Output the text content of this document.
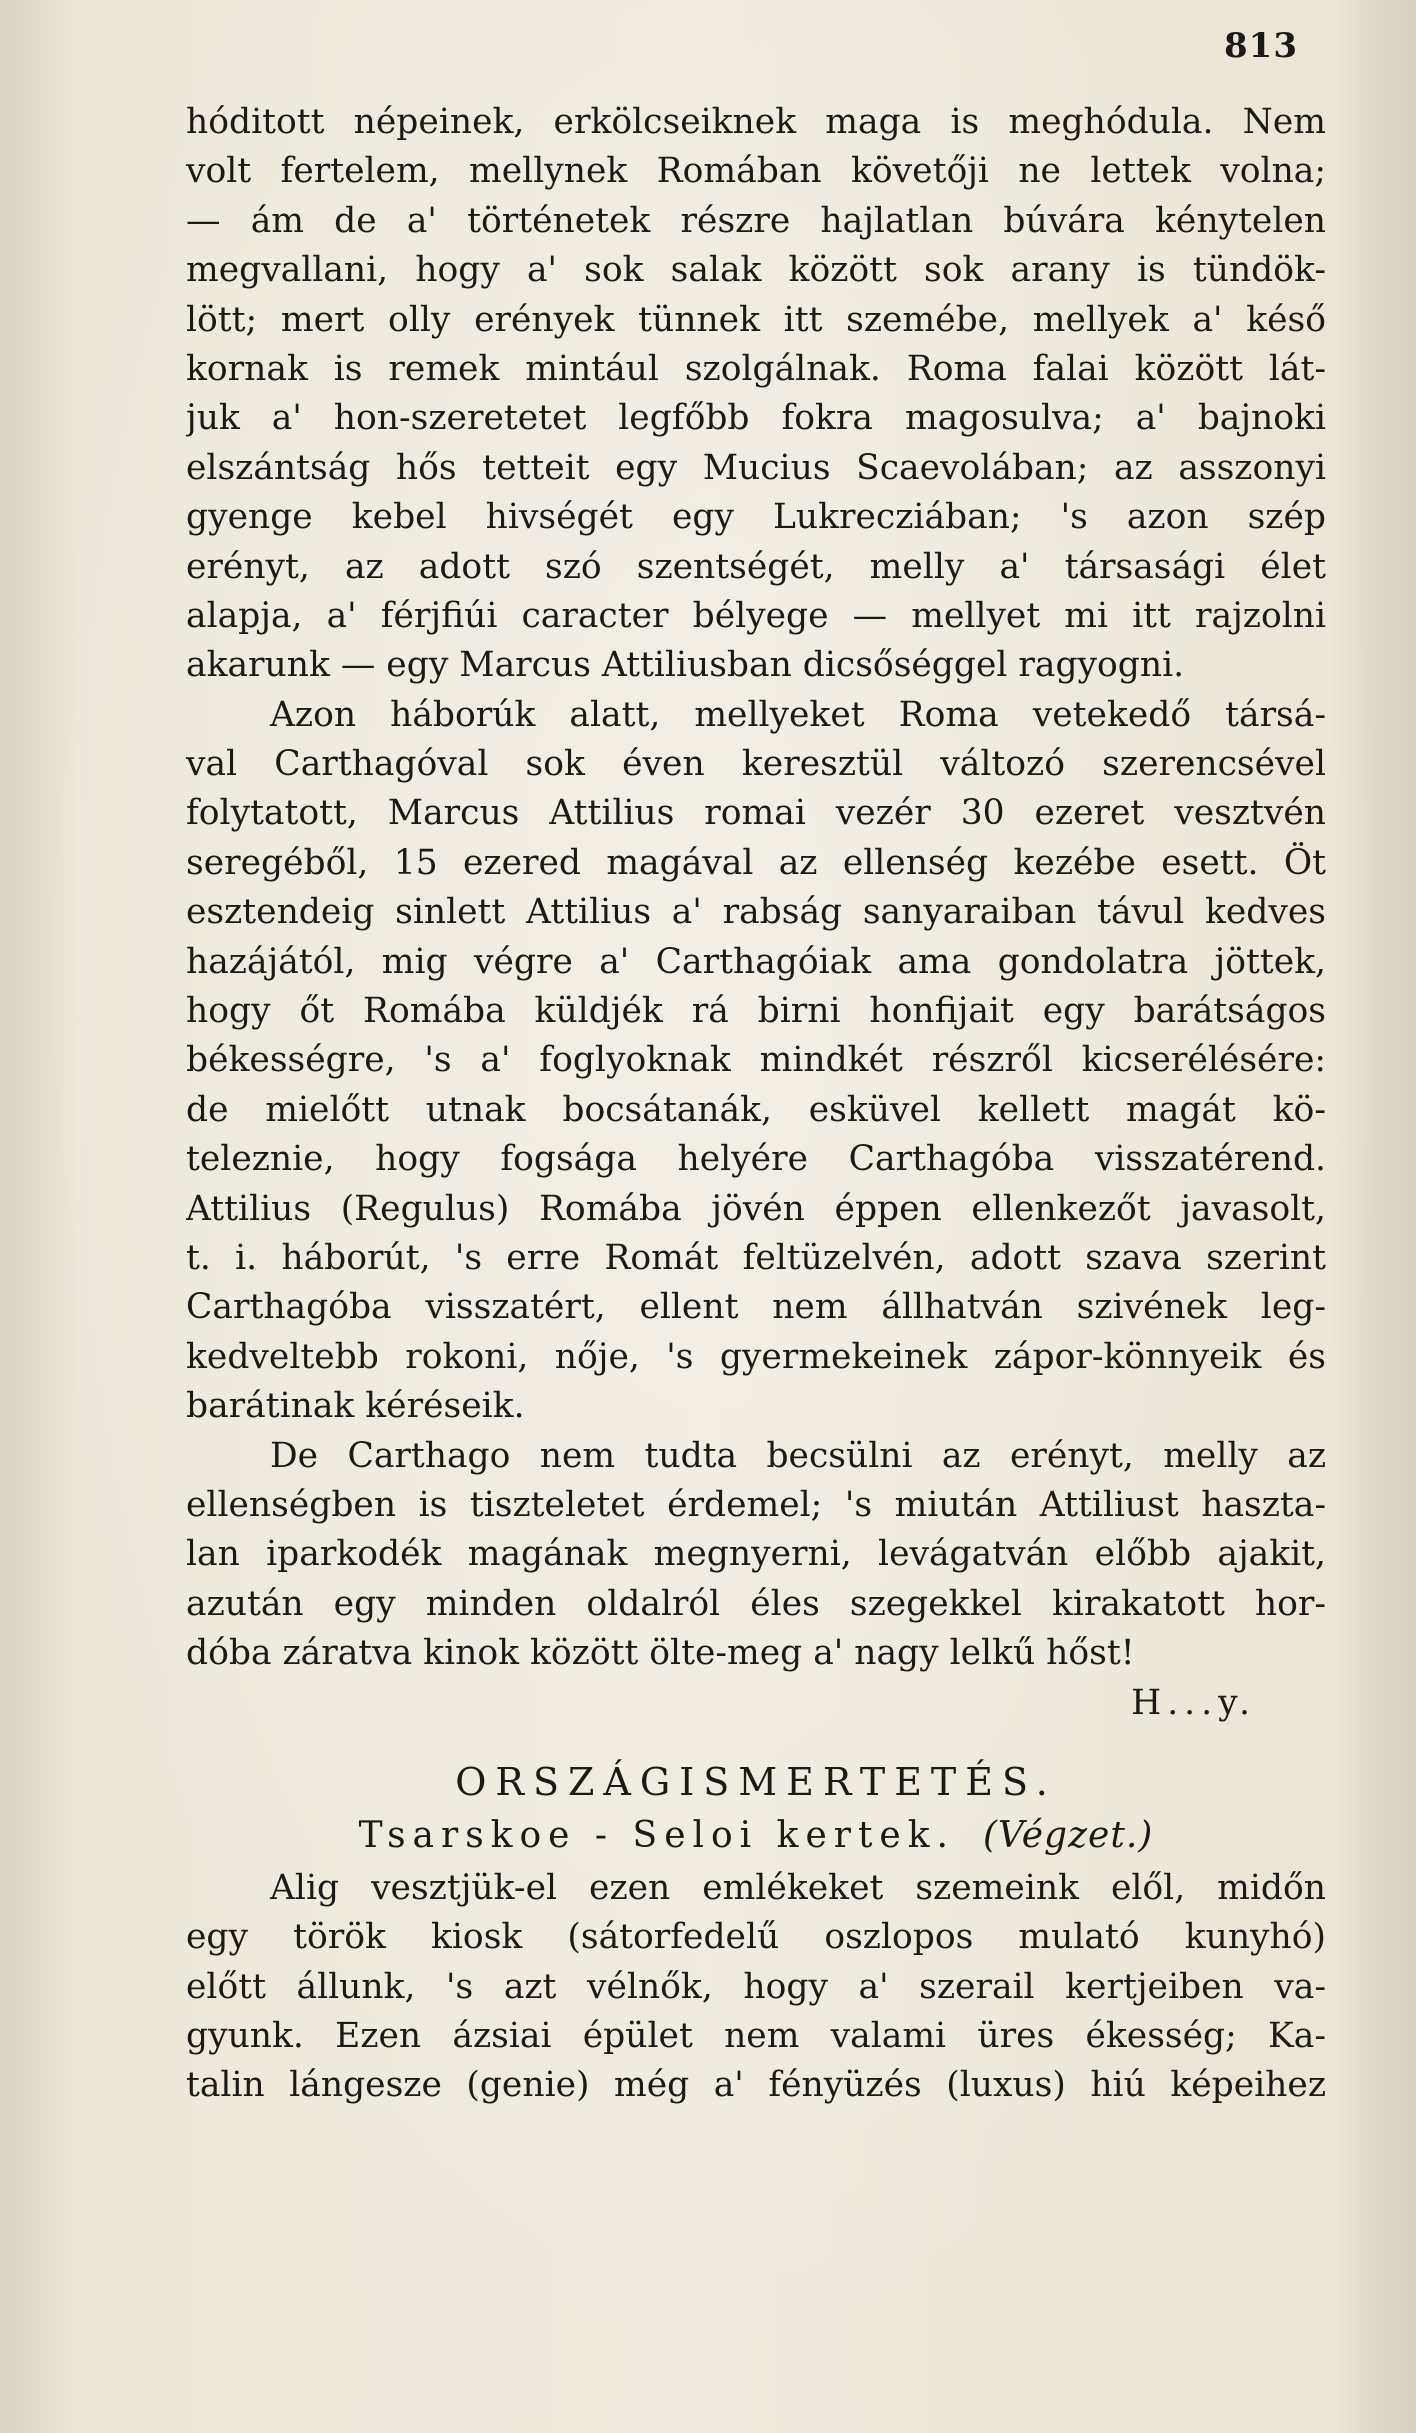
813
hóditott népeinek, erkölcseiknek maga is meghódula. Nem
volt fertelem, mellynek Romában követőji ne lettek volna;
— ám de a' történetek részre hajlatlan búvára kénytelen
megvallani, hogy a' sok salak között sok arany is tündök-
lött; mert olly erények tünnek itt szemébe, mellyek a' késő
kornak is remek mintául szolgálnak. Roma falai között lát-
juk a' hon-szeretetet legfőbb fokra magosulva; a' bajnoki
elszántság hős tetteit egy Mucius Scaevolában; az asszonyi
gyenge kebel hivségét egy Lukrecziában; 's azon szép
erényt, az adott szó szentségét, melly a' társasági élet
alapja, a' férjfiúi caracter bélyege — mellyet mi itt rajzolni
akarunk — egy Marcus Attiliusban dicsőséggel ragyogni.
Azon háborúk alatt, mellyeket Roma vetekedő társá-
val Carthagóval sok éven keresztül változó szerencsével
folytatott, Marcus Attilius romai vezér 30 ezeret vesztvén
seregéből, 15 ezered magával az ellenség kezébe esett. Öt
esztendeig sinlett Attilius a' rabság sanyaraiban távul kedves
hazájától, mig végre a' Carthagóiak ama gondolatra jöttek,
hogy őt Romába küldjék rá birni honfijait egy barátságos
békességre, 's a' foglyoknak mindkét részről kicserélésére:
de mielőtt utnak bocsátanák, esküvel kellett magát kö-
teleznie, hogy fogsága helyére Carthagóba visszatérend.
Attilius (Regulus) Romába jövén éppen ellenkezőt javasolt,
t. i. háborút, 's erre Romát feltüzelvén, adott szava szerint
Carthagóba visszatért, ellent nem állhatván szivének leg-
kedveltebb rokoni, nője, 's gyermekeinek zápor-könnyeik és
barátinak kéréseik.
De Carthago nem tudta becsülni az erényt, melly az
ellenségben is tiszteletet érdemel; 's miután Attiliust haszta-
lan iparkodék magának megnyerni, levágatván előbb ajakit,
azután egy minden oldalról éles szegekkel kirakatott hor-
dóba záratva kinok között ölte-meg a' nagy lelkű hőst!
H...y.
ORSZÁGISMERTETÉS.
Tsarskoe - Seloi kertek. (Végzet.)
Alig vesztjük-el ezen emlékeket szemeink elől, midőn
egy török kiosk (sátorfedelű oszlopos mulató kunyhó)
előtt állunk, 's azt vélnők, hogy a' szerail kertjeiben va-
gyunk. Ezen ázsiai épület nem valami üres ékesség; Ka-
talin lángesze (genie) még a' fényüzés (luxus) hiú képeihez
